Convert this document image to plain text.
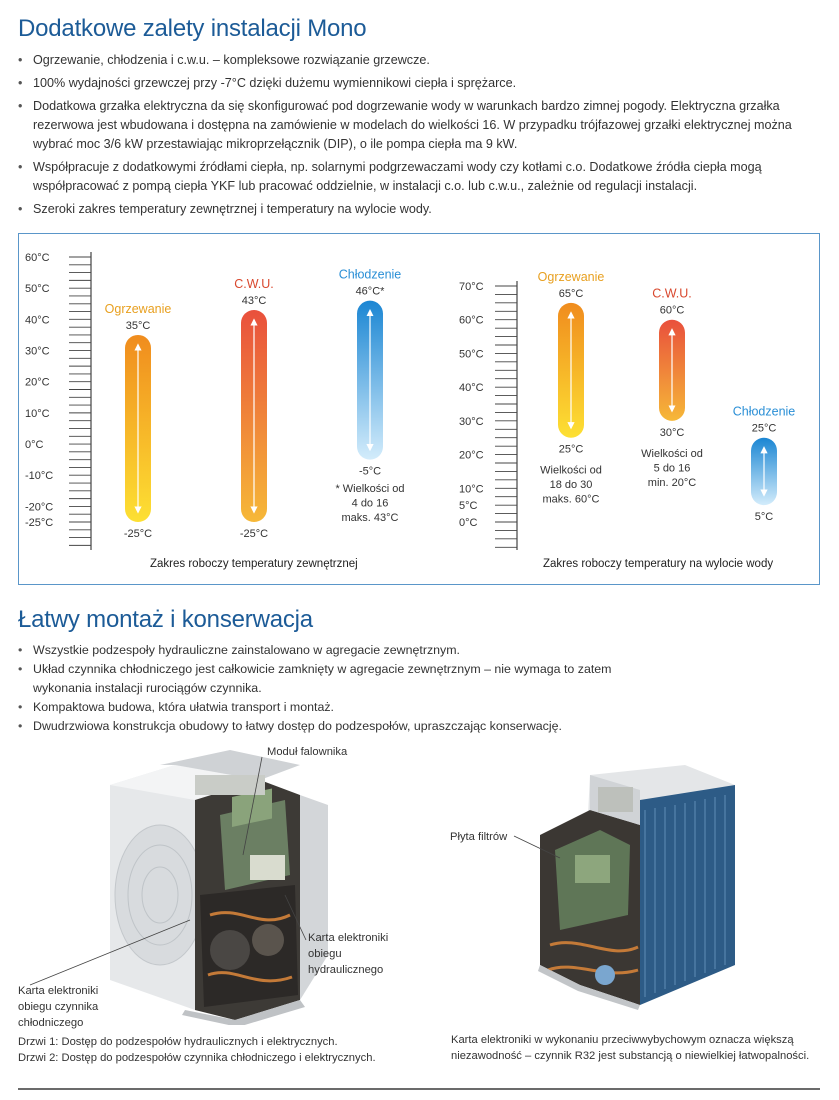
Dodatkowe zalety instalacji Mono
• Ogrzewanie, chłodzenia i c.w.u. – kompleksowe rozwiązanie grzewcze.
• 100% wydajności grzewczej przy -7°C dzięki dużemu wymiennikowi ciepła i sprężarce.
• Dodatkowa grzałka elektryczna da się skonfigurować pod dogrzewanie wody w warunkach bardzo zimnej pogody. Elektryczna grzałka rezerwowa jest wbudowana i dostępna na zamówienie w modelach do wielkości 16. W przypadku trójfazowej grzałki elektrycznej można wybrać moc 3/6 kW przestawiając mikroprzełącznik (DIP), o ile pompa ciepła ma 9 kW.
• Współpracuje z dodatkowymi źródłami ciepła, np. solarnymi podgrzewaczami wody czy kotłami c.o. Dodatkowe źródła ciepła mogą współpracować z pompą ciepła YKF lub pracować oddzielnie, w instalacji c.o. lub c.w.u., zależnie od regulacji instalacji.
• Szeroki zakres temperatury zewnętrznej i temperatury na wylocie wody.
60°C
50°C
40°C
30°C
20°C
10°C
0°C
-10°C
-20°C
-25°C
Ogrzewanie
35°C
-25°C
C.W.U.
43°C
-25°C
Chłodzenie
46°C*
-5°C
* Wielkości od
4 do 16
maks. 43°C
70°C
60°C
50°C
40°C
30°C
20°C
10°C
5°C
0°C
Ogrzewanie
65°C
25°C
Wielkości od
18 do 30
maks. 60°C
C.W.U.
60°C
30°C
Wielkości od
5 do 16
min. 20°C
Chłodzenie
25°C
5°C
Zakres roboczy temperatury zewnętrznej	Zakres roboczy temperatury na wylocie wody
Łatwy montaż i konserwacja
• Wszystkie podzespoły hydrauliczne zainstalowano w agregacie zewnętrznym.
• Układ czynnika chłodniczego jest całkowicie zamknięty w agregacie zewnętrznym – nie wymaga to zatem wykonania instalacji rurociągów czynnika.
• Kompaktowa budowa, która ułatwia transport i montaż.
• Dwudrzwiowa konstrukcja obudowy to łatwy dostęp do podzespołów, upraszczając konserwację.
Moduł falownika
Karta elektroniki
obiegu
hydraulicznego
Karta elektroniki
obiegu czynnika
chłodniczego
Drzwi 1: Dostęp do podzespołów hydraulicznych i elektrycznych.
Drzwi 2: Dostęp do podzespołów czynnika chłodniczego i elektrycznych.
Płyta filtrów
Karta elektroniki w wykonaniu przeciwwybychowym oznacza większą
niezawodność – czynnik R32 jest substancją o niewielkiej łatwopalności.
